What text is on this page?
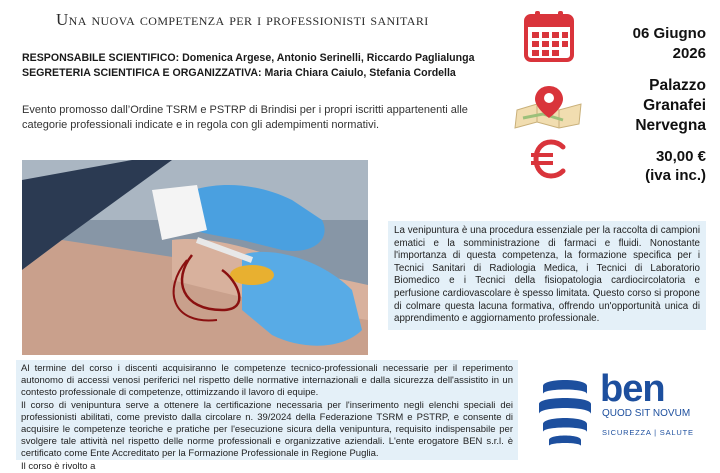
Una nuova competenza per i professionisti sanitari
RESPONSABILE SCIENTIFICO: Domenica Argese, Antonio Serinelli, Riccardo Paglialunga
SEGRETERIA SCIENTIFICA E ORGANIZZATIVA: Maria Chiara Caiulo, Stefania Cordella
Evento promosso dall’Ordine TSRM e PSTRP di Brindisi per i propri iscritti appartenenti alle categorie professionali indicate e in regola con gli adempimenti normativi.
06 Giugno
2026
Palazzo
Granafei
Nervegna
30,00 €
(iva inc.)
La venipuntura è una procedura essenziale per la raccolta di campioni ematici e la somministrazione di farmaci e fluidi. Nonostante l'importanza di questa competenza, la formazione specifica per i Tecnici Sanitari di Radiologia Medica, i Tecnici di Laboratorio Biomedico e i Tecnici della fisiopatologia cardiocircolatoria e perfusione cardiovascolare è spesso limitata. Questo corso si propone di colmare questa lacuna formativa, offrendo un'opportunità unica di apprendimento e aggiornamento professionale.

Al termine del corso i discenti acquisiranno le competenze tecnico-professionali necessarie per il reperimento autonomo di accessi venosi periferici nel rispetto delle normative internazionali e dalla sicurezza dell'assistito in un contesto professionale di competenze, ottimizzando il lavoro di equipe.

Il corso di venipuntura serve a ottenere la certificazione necessaria per l'inserimento negli elenchi speciali dei professionisti abilitati, come previsto dalla circolare n. 39/2024 della Federazione TSRM e PSTRP, e consente di acquisire le competenze teoriche e pratiche per l'esecuzione sicura della venipuntura, requisito indispensabile per svolgere tale attività nel rispetto delle norme professionali e organizzative aziendali. L'ente erogatore BEN s.r.l. è certificato come Ente Accreditato per la Formazione Professionale in Regione Puglia.

Il corso è rivolto a

ben
QUOD SIT NOVUM
SICUREZZA | SALUTE
